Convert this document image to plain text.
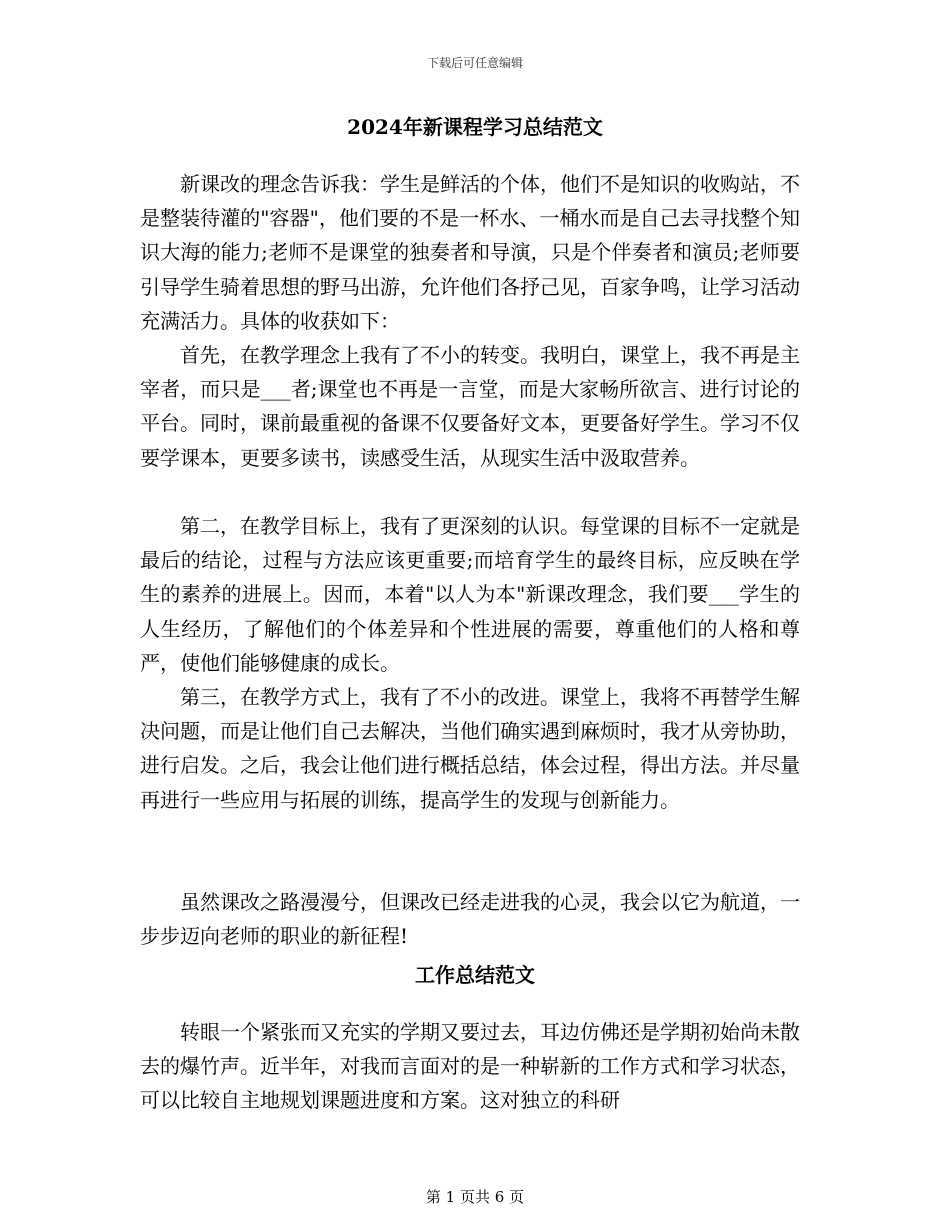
下载后可任意编辑
2024年新课程学习总结范文

新课改的理念告诉我：学生是鲜活的个体，他们不是知识的收购站，不是整装待灌的"容器"，他们要的不是一杯水、一桶水而是自己去寻找整个知识大海的能力;老师不是课堂的独奏者和导演，只是个伴奏者和演员;老师要引导学生骑着思想的野马出游，允许他们各抒己见，百家争鸣，让学习活动充满活力。具体的收获如下：

首先，在教学理念上我有了不小的转变。我明白，课堂上，我不再是主宰者，而只是___者;课堂也不再是一言堂，而是大家畅所欲言、进行讨论的平台。同时，课前最重视的备课不仅要备好文本，更要备好学生。学习不仅要学课本，更要多读书，读感受生活，从现实生活中汲取营养。

第二，在教学目标上，我有了更深刻的认识。每堂课的目标不一定就是最后的结论，过程与方法应该更重要;而培育学生的最终目标，应反映在学生的素养的进展上。因而，本着"以人为本"新课改理念，我们要___学生的人生经历，了解他们的个体差异和个性进展的需要，尊重他们的人格和尊严，使他们能够健康的成长。

第三，在教学方式上，我有了不小的改进。课堂上，我将不再替学生解决问题，而是让他们自己去解决，当他们确实遇到麻烦时，我才从旁协助，进行启发。之后，我会让他们进行概括总结，体会过程，得出方法。并尽量再进行一些应用与拓展的训练，提高学生的发现与创新能力。

虽然课改之路漫漫兮，但课改已经走进我的心灵，我会以它为航道，一步步迈向老师的职业的新征程!

工作总结范文

转眼一个紧张而又充实的学期又要过去，耳边仿佛还是学期初始尚未散去的爆竹声。近半年，对我而言面对的是一种崭新的工作方式和学习状态，可以比较自主地规划课题进度和方案。这对独立的科研

第 1 页共 6 页
